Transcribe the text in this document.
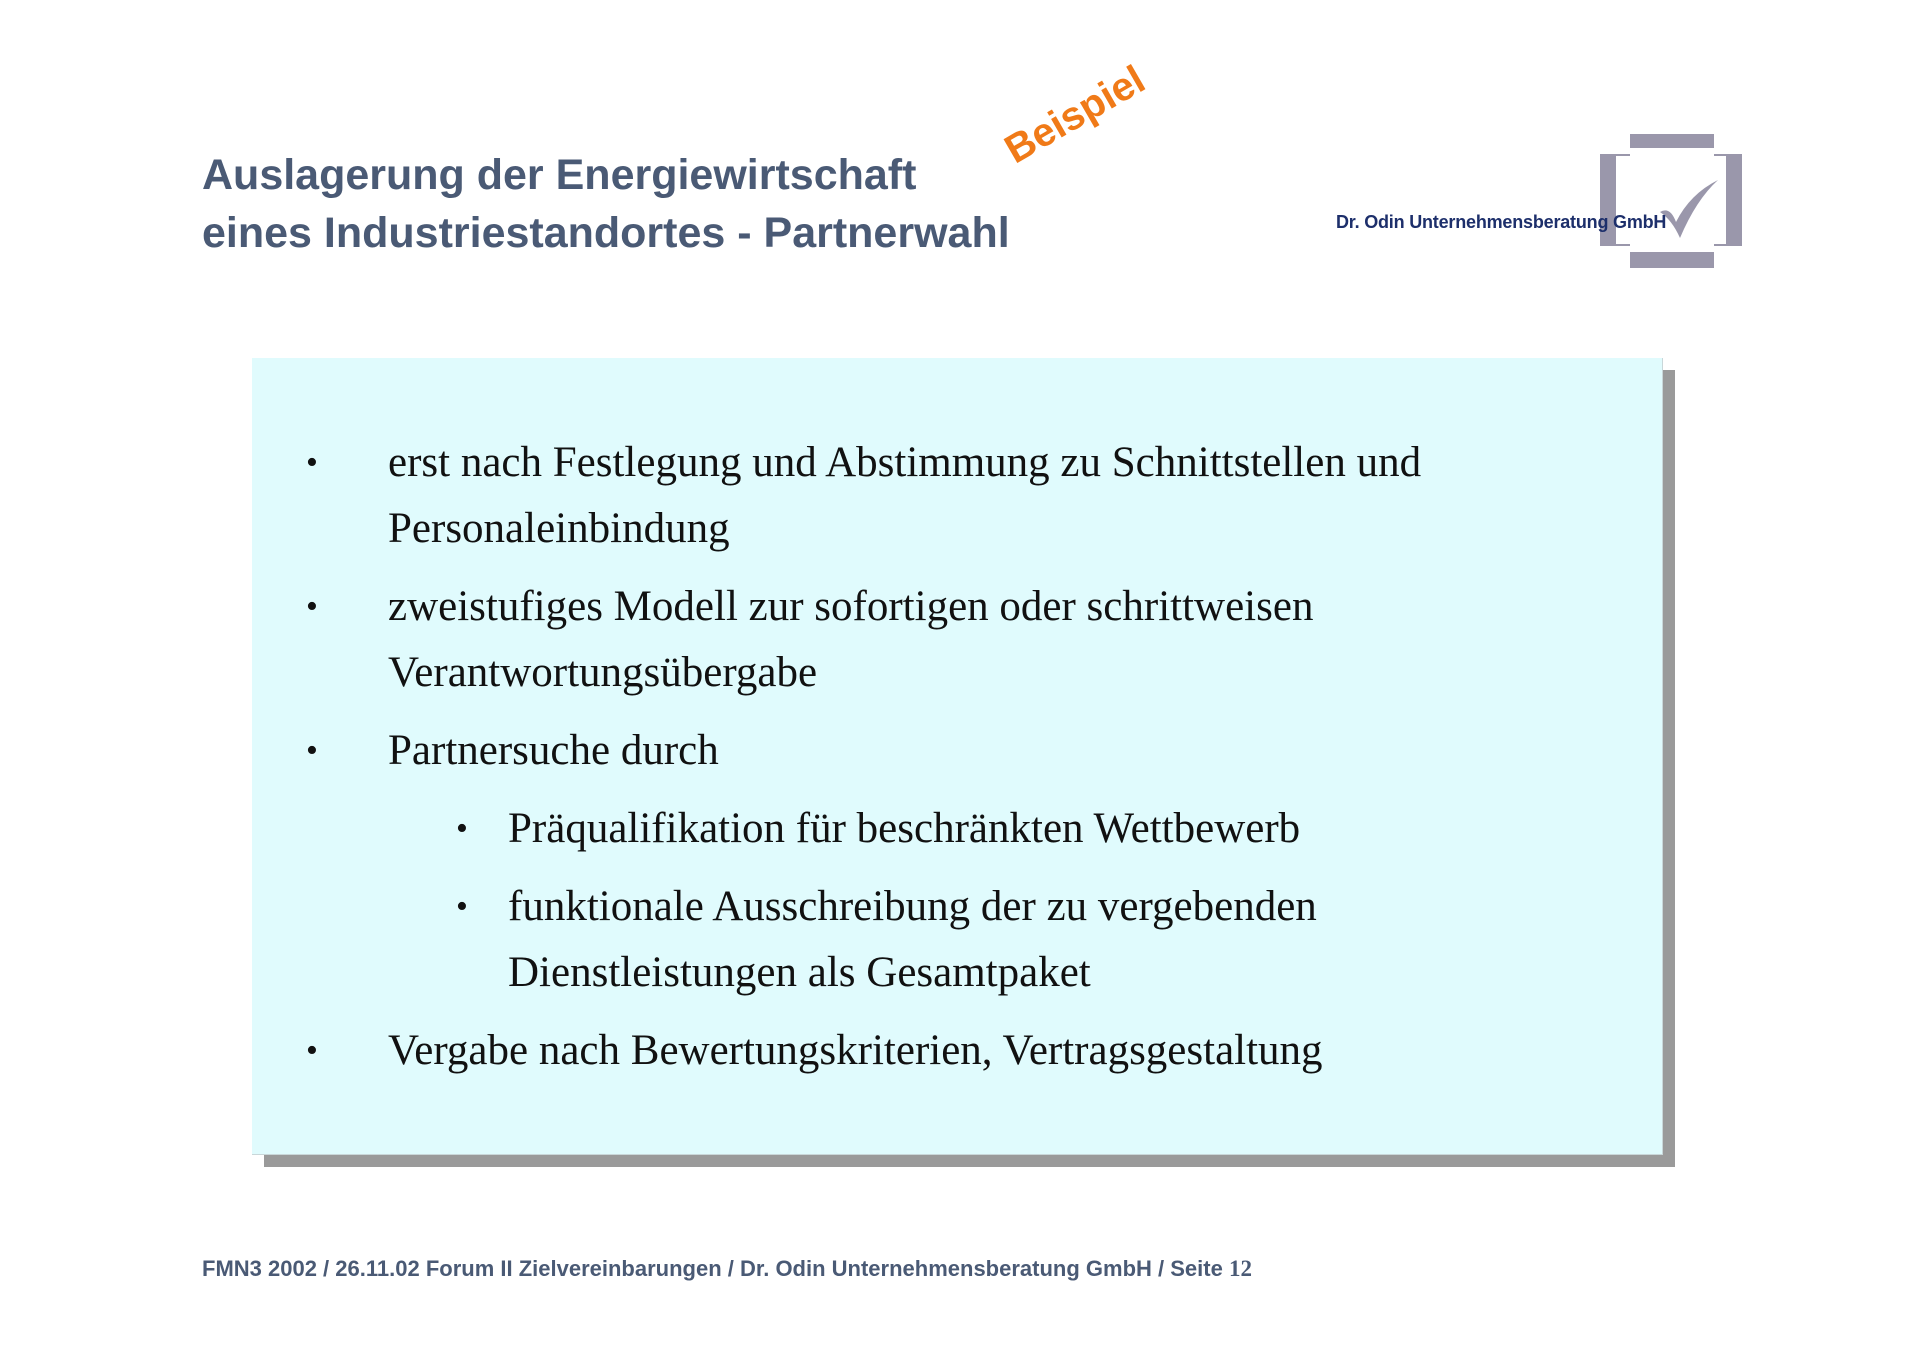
Auslagerung der Energiewirtschaft
eines Industriestandortes - Partnerwahl
Beispiel
Dr. Odin Unternehmensberatung GmbH
• erst nach Festlegung und Abstimmung zu Schnittstellen und Personaleinbindung
• zweistufiges Modell zur sofortigen oder schrittweisen Verantwortungsübergabe
• Partnersuche durch
• Präqualifikation für beschränkten Wettbewerb
• funktionale Ausschreibung der zu vergebenden Dienstleistungen als Gesamtpaket
• Vergabe nach Bewertungskriterien, Vertragsgestaltung
FMN3 2002 / 26.11.02 Forum II Zielvereinbarungen / Dr. Odin Unternehmensberatung GmbH / Seite 12
